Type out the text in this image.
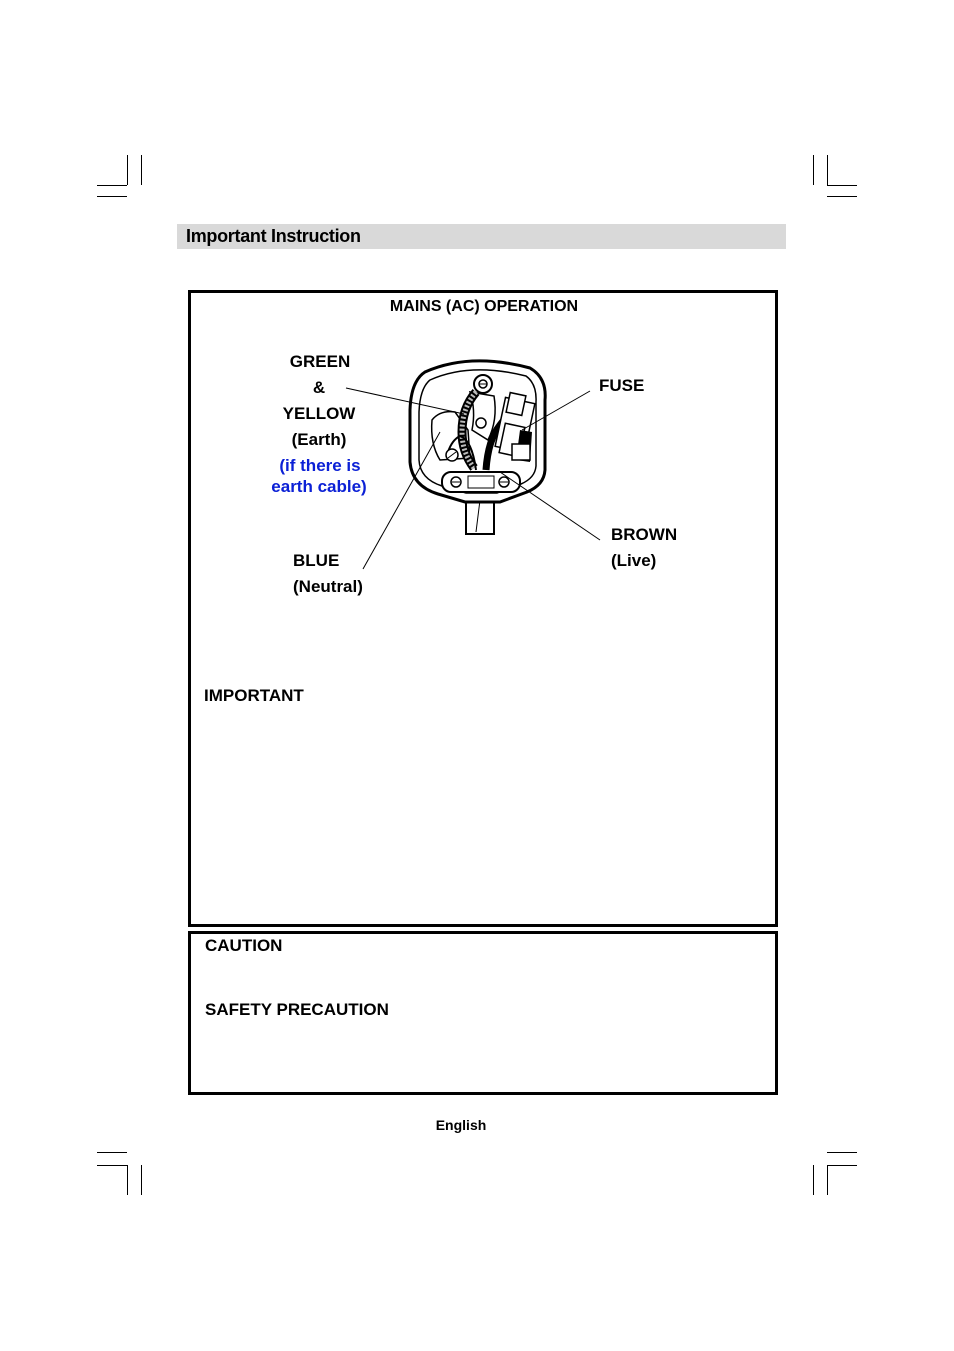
Important Instruction
MAINS (AC) OPERATION
GREEN
&
YELLOW
(Earth)
(if there is
earth cable)
FUSE
BROWN
(Live)
BLUE
(Neutral)
IMPORTANT
CAUTION
SAFETY PRECAUTION
English
